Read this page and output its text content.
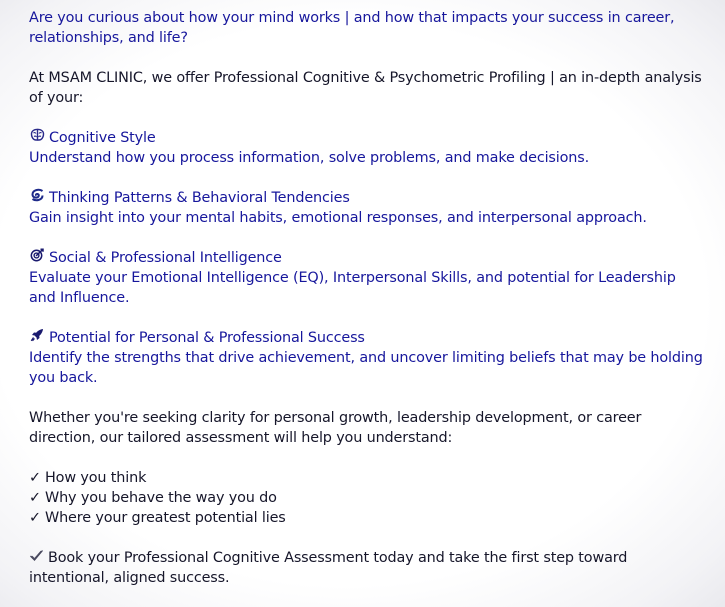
Are you curious about how your mind works | and how that impacts your success in career, relationships, and life?

At MSAM CLINIC, we offer Professional Cognitive & Psychometric Profiling | an in-depth analysis of your:

Cognitive Style
Understand how you process information, solve problems, and make decisions.

Thinking Patterns & Behavioral Tendencies
Gain insight into your mental habits, emotional responses, and interpersonal approach.

Social & Professional Intelligence
Evaluate your Emotional Intelligence (EQ), Interpersonal Skills, and potential for Leadership and Influence.

Potential for Personal & Professional Success
Identify the strengths that drive achievement, and uncover limiting beliefs that may be holding you back.

Whether you're seeking clarity for personal growth, leadership development, or career direction, our tailored assessment will help you understand:

✓ How you think
✓ Why you behave the way you do
✓ Where your greatest potential lies

Book your Professional Cognitive Assessment today and take the first step toward intentional, aligned success.
